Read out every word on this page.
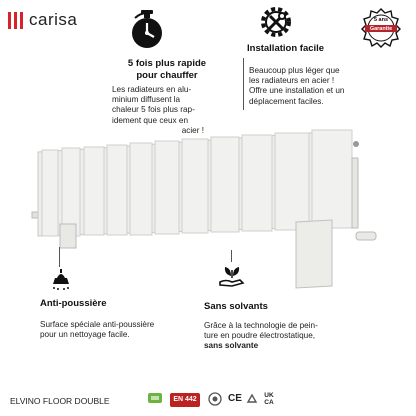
carisa	5 ans
Garantie
5 fois plus rapide
pour chauffer
Les radiateurs en alu-
minium diffusent la
chaleur 5 fois plus rap-
idement que ceux en
acier !
Installation facile
Beaucoup plus léger que
les radiateurs en acier !
Offre une installation et un
déplacement faciles.
Anti-poussière
Surface spéciale anti-poussière
pour un nettoyage facile.
Sans solvants
Grâce à la technologie de pein-
ture en poudre électrostatique,
sans solvante
ELVINO FLOOR DOUBLE	EN 442	CE	UK CA
